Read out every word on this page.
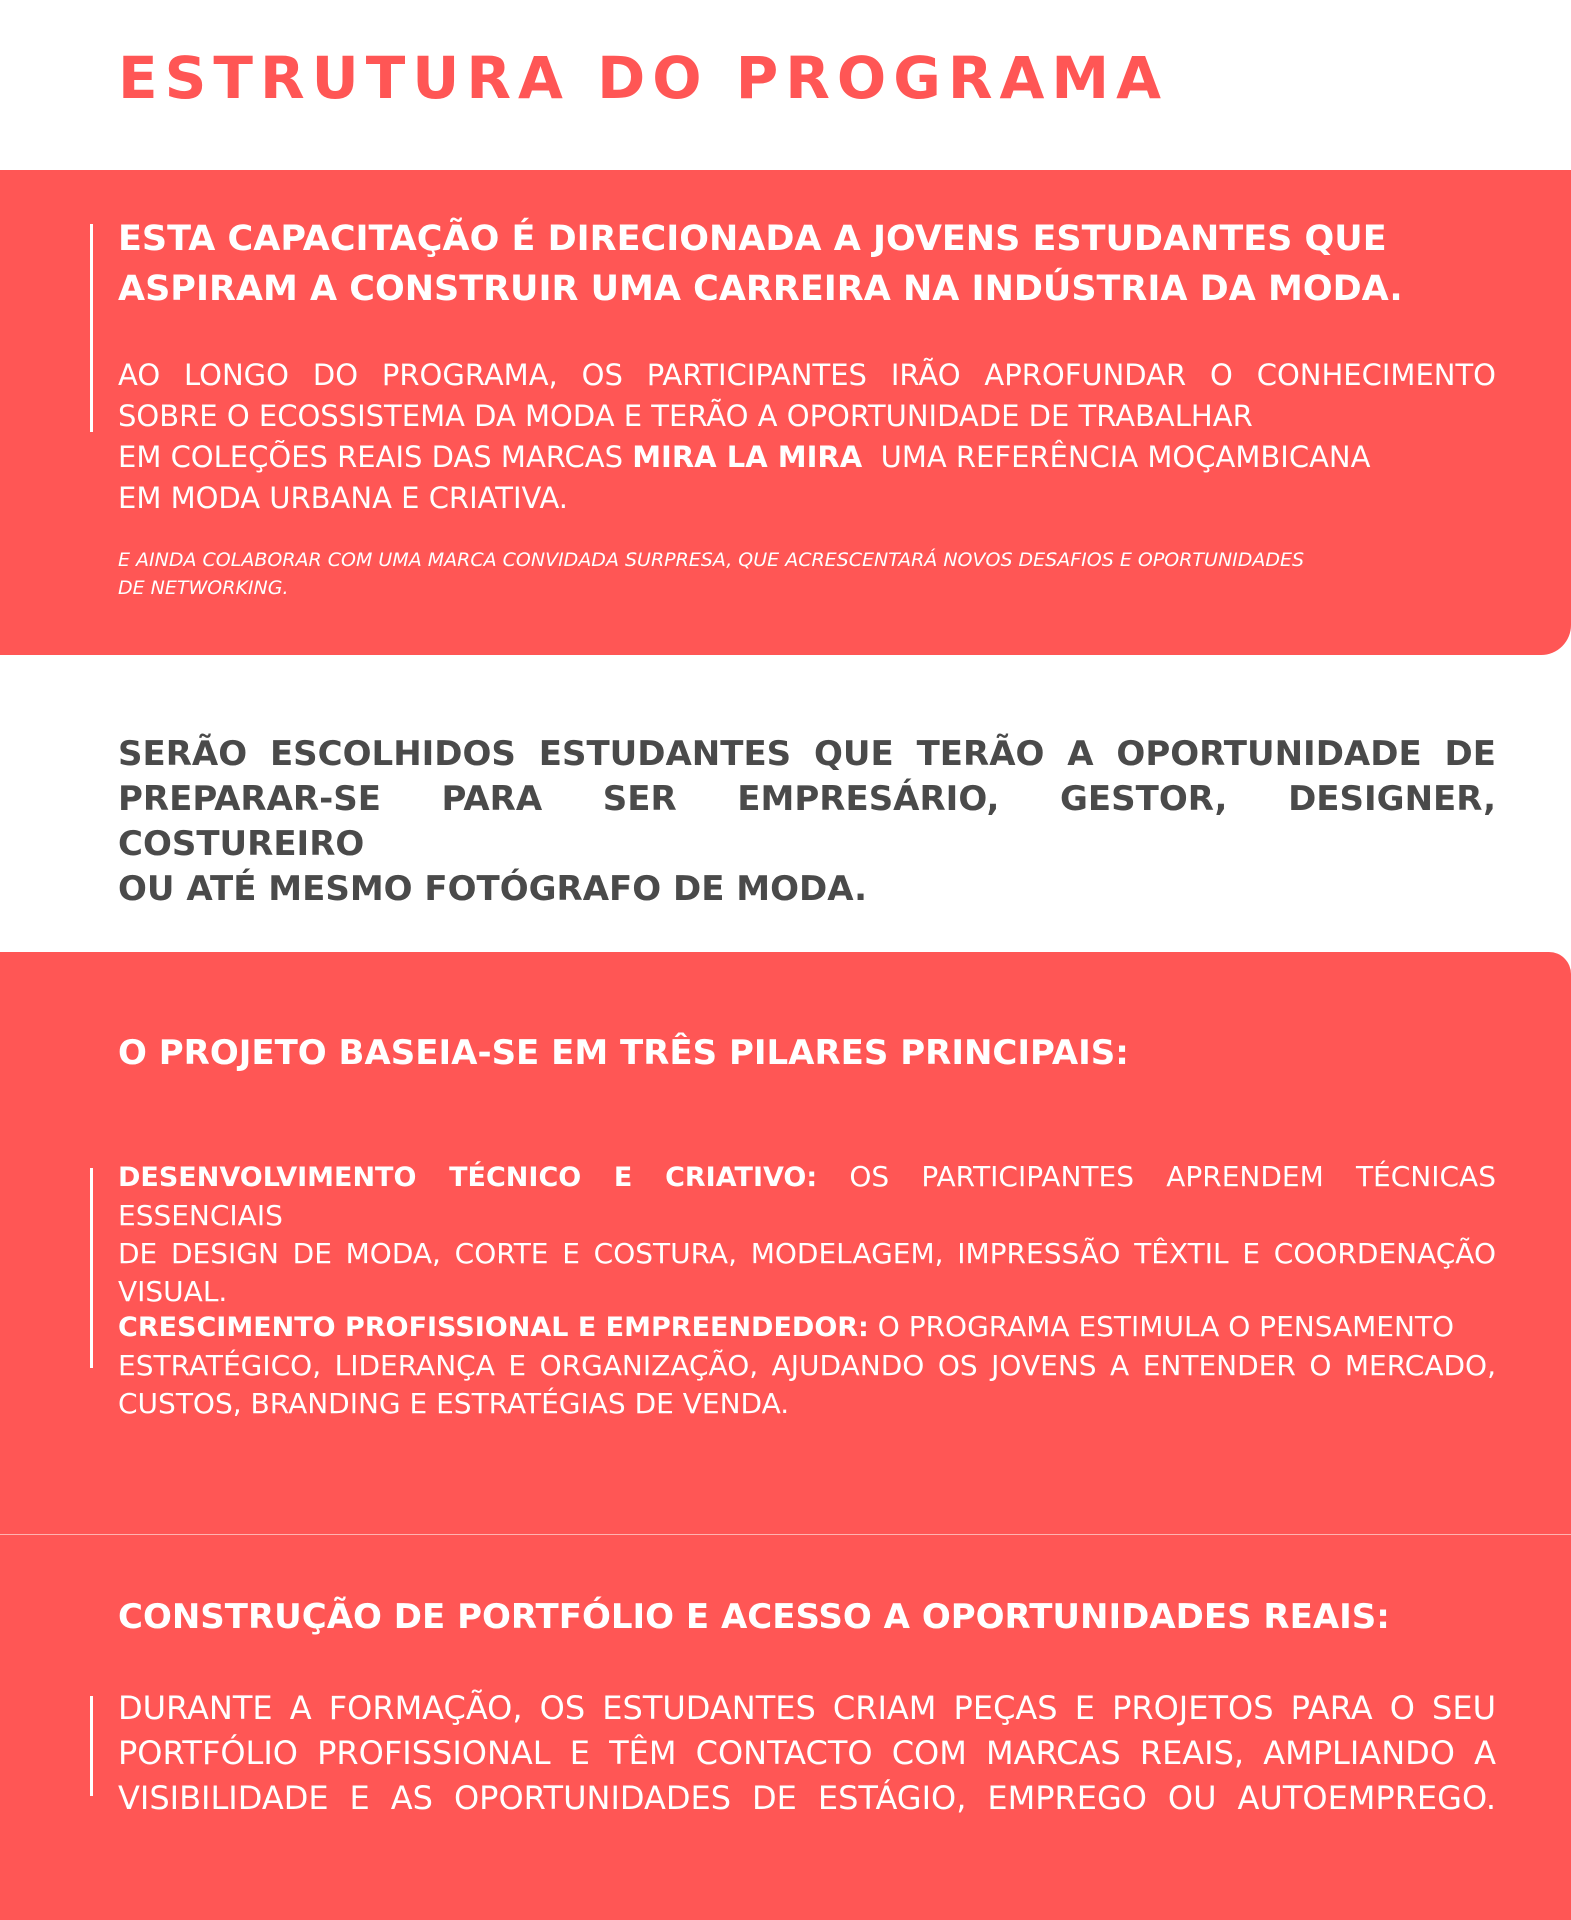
ESTRUTURA DO PROGRAMA
ESTA CAPACITAÇÃO É DIRECIONADA A JOVENS ESTUDANTES QUE
ASPIRAM A CONSTRUIR UMA CARREIRA NA INDÚSTRIA DA MODA.
AO LONGO DO PROGRAMA, OS PARTICIPANTES IRÃO APROFUNDAR O CONHECIMENTO
SOBRE O ECOSSISTEMA DA MODA E TERÃO A OPORTUNIDADE DE TRABALHAR
EM COLEÇÕES REAIS DAS MARCAS MIRA LA MIRA  UMA REFERÊNCIA MOÇAMBICANA
EM MODA URBANA E CRIATIVA.
E AINDA COLABORAR COM UMA MARCA CONVIDADA SURPRESA, QUE ACRESCENTARÁ NOVOS DESAFIOS E OPORTUNIDADES
DE NETWORKING.
SERÃO ESCOLHIDOS ESTUDANTES QUE TERÃO A OPORTUNIDADE DE
PREPARAR-SE PARA SER EMPRESÁRIO, GESTOR, DESIGNER, COSTUREIRO
OU ATÉ MESMO FOTÓGRAFO DE MODA.
O PROJETO BASEIA-SE EM TRÊS PILARES PRINCIPAIS:
DESENVOLVIMENTO TÉCNICO E CRIATIVO: OS PARTICIPANTES APRENDEM TÉCNICAS ESSENCIAIS
DE DESIGN DE MODA, CORTE E COSTURA, MODELAGEM, IMPRESSÃO TÊXTIL E COORDENAÇÃO
VISUAL.
CRESCIMENTO PROFISSIONAL E EMPREENDEDOR: O PROGRAMA ESTIMULA O PENSAMENTO
ESTRATÉGICO, LIDERANÇA E ORGANIZAÇÃO, AJUDANDO OS JOVENS A ENTENDER O MERCADO,
CUSTOS, BRANDING E ESTRATÉGIAS DE VENDA.
CONSTRUÇÃO DE PORTFÓLIO E ACESSO A OPORTUNIDADES REAIS:
DURANTE A FORMAÇÃO, OS ESTUDANTES CRIAM PEÇAS E PROJETOS PARA O SEU
PORTFÓLIO PROFISSIONAL E TÊM CONTACTO COM MARCAS REAIS, AMPLIANDO A
VISIBILIDADE E AS OPORTUNIDADES DE ESTÁGIO, EMPREGO OU AUTOEMPREGO.
